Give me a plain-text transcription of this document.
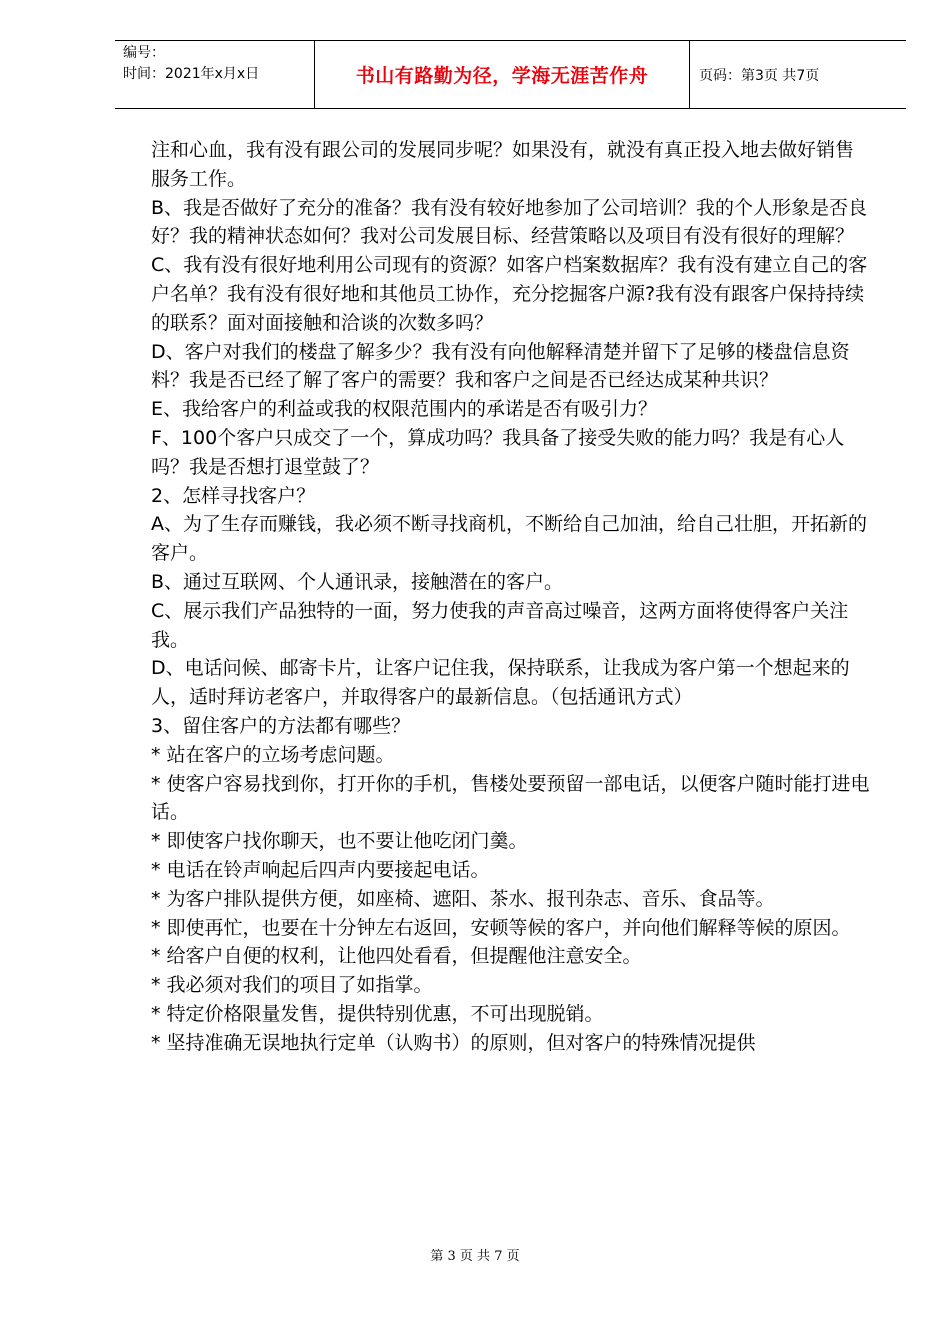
编号：
时间：2021年x月x日	书山有路勤为径，学海无涯苦作舟	页码：第3页 共7页

注和心血，我有没有跟公司的发展同步呢？如果没有，就没有真正投入地去做好销售服务工作。

B、我是否做好了充分的准备？我有没有较好地参加了公司培训？我的个人形象是否良好？我的精神状态如何？我对公司发展目标、经营策略以及项目有没有很好的理解？

C、我有没有很好地利用公司现有的资源？如客户档案数据库？我有没有建立自己的客户名单？我有没有很好地和其他员工协作，充分挖掘客户源?我有没有跟客户保持持续的联系？面对面接触和洽谈的次数多吗？

D、客户对我们的楼盘了解多少？我有没有向他解释清楚并留下了足够的楼盘信息资料？我是否已经了解了客户的需要？我和客户之间是否已经达成某种共识？

E、我给客户的利益或我的权限范围内的承诺是否有吸引力？

F、100个客户只成交了一个，算成功吗？我具备了接受失败的能力吗？我是有心人吗？我是否想打退堂鼓了？

2、怎样寻找客户？

A、为了生存而赚钱，我必须不断寻找商机，不断给自己加油，给自己壮胆，开拓新的客户。

B、通过互联网、个人通讯录，接触潜在的客户。

C、展示我们产品独特的一面，努力使我的声音高过噪音，这两方面将使得客户关注我。

D、电话问候、邮寄卡片，让客户记住我，保持联系，让我成为客户第一个想起来的人，适时拜访老客户，并取得客户的最新信息。（包括通讯方式）

3、留住客户的方法都有哪些？

* 站在客户的立场考虑问题。

* 使客户容易找到你，打开你的手机，售楼处要预留一部电话，以便客户随时能打进电话。

* 即使客户找你聊天，也不要让他吃闭门羹。

* 电话在铃声响起后四声内要接起电话。

* 为客户排队提供方便，如座椅、遮阳、茶水、报刊杂志、音乐、食品等。

* 即使再忙，也要在十分钟左右返回，安顿等候的客户，并向他们解释等候的原因。

* 给客户自便的权利，让他四处看看，但提醒他注意安全。

* 我必须对我们的项目了如指掌。

* 特定价格限量发售，提供特别优惠，不可出现脱销。

* 坚持准确无误地执行定单（认购书）的原则，但对客户的特殊情况提供

第 3 页 共 7 页
